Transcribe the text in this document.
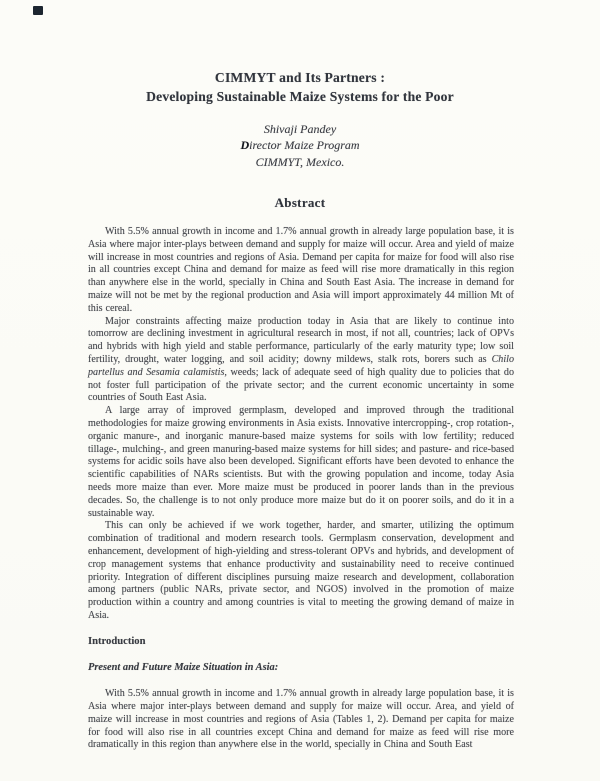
CIMMYT and Its Partners :
Developing Sustainable Maize Systems for the Poor
Shivaji Pandey
Director Maize Program
CIMMYT, Mexico.
Abstract

With 5.5% annual growth in income and 1.7% annual growth in already large population base, it is Asia where major inter-plays between demand and supply for maize will occur. Area and yield of maize will increase in most countries and regions of Asia. Demand per capita for maize for food will also rise in all countries except China and demand for maize as feed will rise more dramatically in this region than anywhere else in the world, specially in China and South East Asia. The increase in demand for maize will not be met by the regional production and Asia will import approximately 44 million Mt of this cereal.

Major constraints affecting maize production today in Asia that are likely to continue into tomorrow are declining investment in agricultural research in most, if not all, countries; lack of OPVs and hybrids with high yield and stable performance, particularly of the early maturity type; low soil fertility, drought, water logging, and soil acidity; downy mildews, stalk rots, borers such as Chilo partellus and Sesamia calamistis, weeds; lack of adequate seed of high quality due to policies that do not foster full participation of the private sector; and the current economic uncertainty in some countries of South East Asia.

A large array of improved germplasm, developed and improved through the traditional methodologies for maize growing environments in Asia exists. Innovative intercropping-, crop rotation-, organic manure-, and inorganic manure-based maize systems for soils with low fertility; reduced tillage-, mulching-, and green manuring-based maize systems for hill sides; and pasture- and rice-based systems for acidic soils have also been developed. Significant efforts have been devoted to enhance the scientific capabilities of NARs scientists. But with the growing population and income, today Asia needs more maize than ever. More maize must be produced in poorer lands than in the previous decades. So, the challenge is to not only produce more maize but do it on poorer soils, and do it in a sustainable way.

This can only be achieved if we work together, harder, and smarter, utilizing the optimum combination of traditional and modern research tools. Germplasm conservation, development and enhancement, development of high-yielding and stress-tolerant OPVs and hybrids, and development of crop management systems that enhance productivity and sustainability need to receive continued priority. Integration of different disciplines pursuing maize research and development, collaboration among partners (public NARs, private sector, and NGOS) involved in the promotion of maize production within a country and among countries is vital to meeting the growing demand of maize in Asia.

Introduction
Present and Future Maize Situation in Asia:

With 5.5% annual growth in income and 1.7% annual growth in already large population base, it is Asia where major inter-plays between demand and supply for maize will occur. Area, and yield of maize will increase in most countries and regions of Asia (Tables 1, 2). Demand per capita for maize for food will also rise in all countries except China and demand for maize as feed will rise more dramatically in this region than anywhere else in the world, specially in China and South East
